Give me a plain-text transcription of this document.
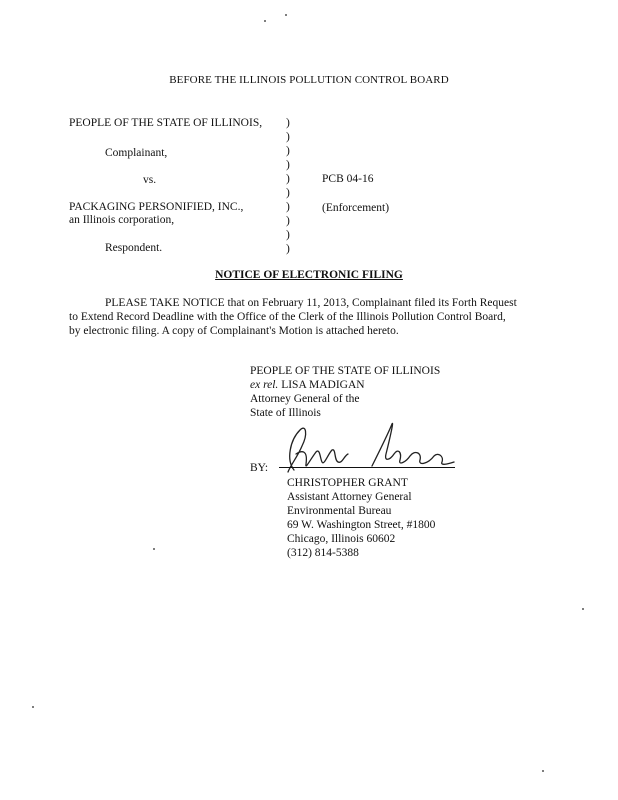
BEFORE THE ILLINOIS POLLUTION CONTROL BOARD
PEOPLE OF THE STATE OF ILLINOIS,
Complainant,
vs.
PACKAGING PERSONIFIED, INC.,
an Illinois corporation,
Respondent.
)
)
)
)
)
)
)
)
)
)
PCB 04-16
(Enforcement)
NOTICE OF ELECTRONIC FILING
PLEASE TAKE NOTICE that on February 11, 2013, Complainant filed its Forth Request
to Extend Record Deadline with the Office of the Clerk of the Illinois Pollution Control Board,
by electronic filing. A copy of Complainant's Motion is attached hereto.
PEOPLE OF THE STATE OF ILLINOIS
ex rel. LISA MADIGAN
Attorney General of the
State of Illinois
BY:
CHRISTOPHER GRANT
Assistant Attorney General
Environmental Bureau
69 W. Washington Street, #1800
Chicago, Illinois 60602
(312) 814-5388
